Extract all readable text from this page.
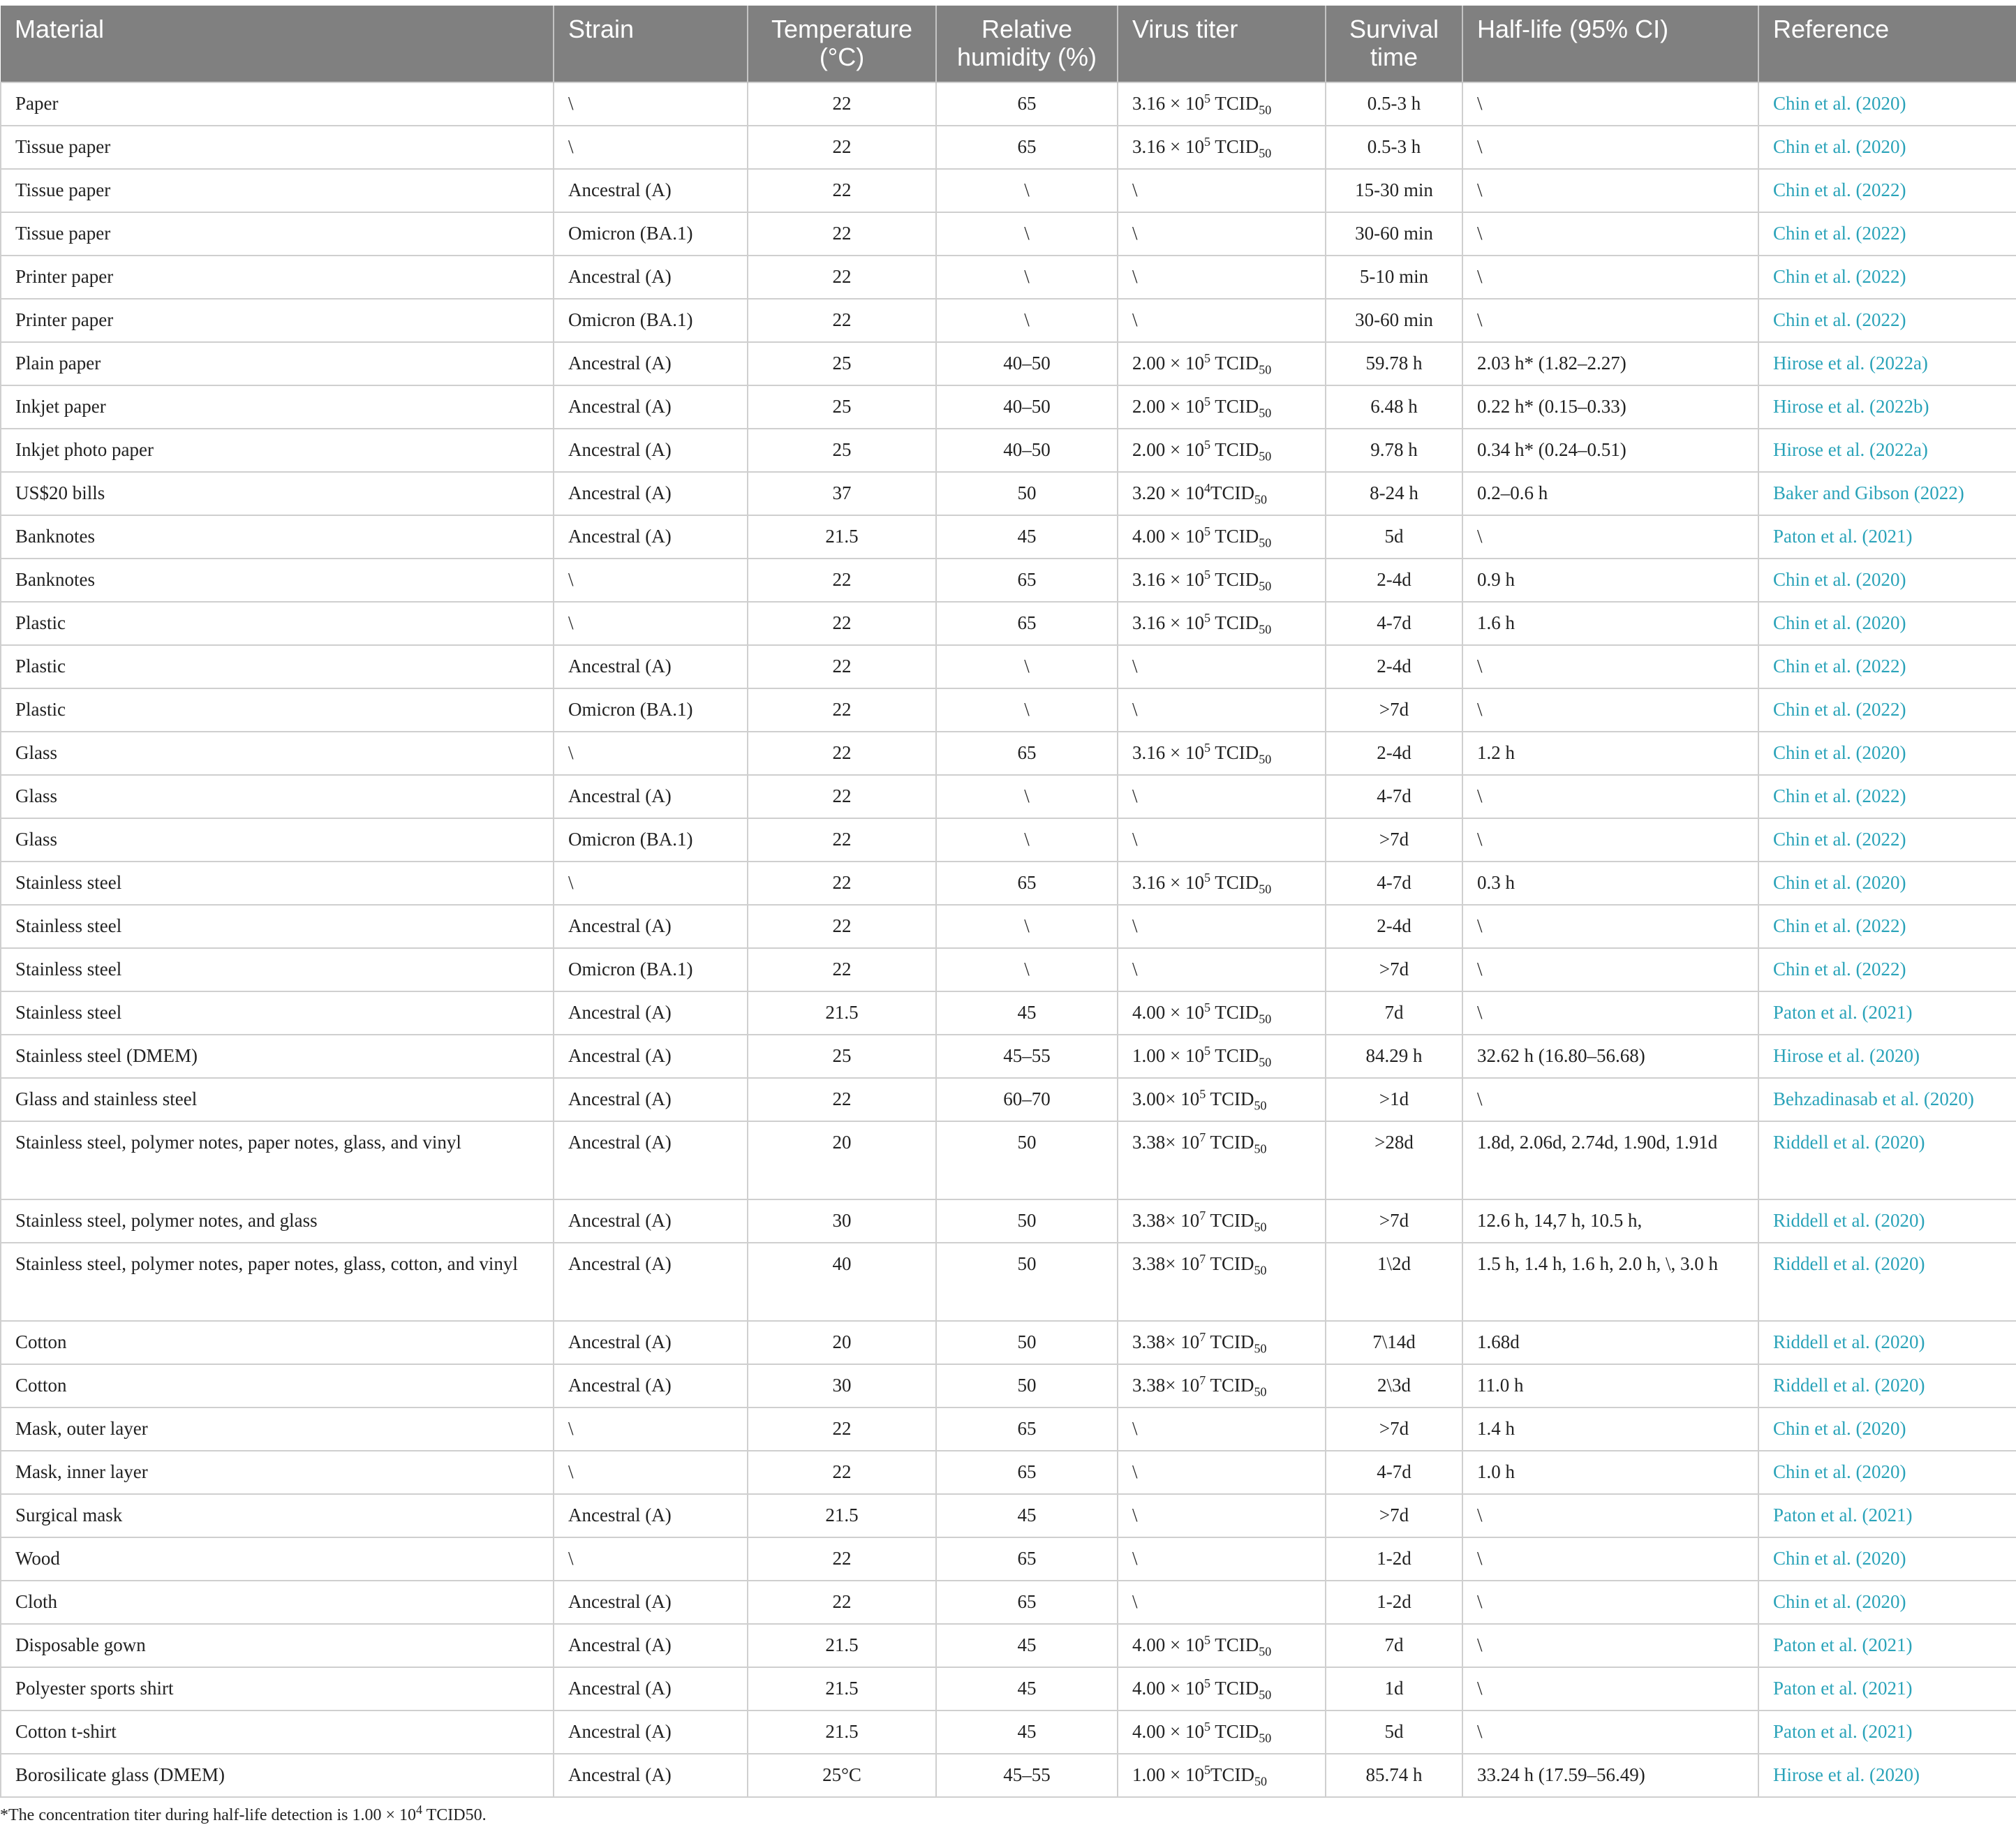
Material	Strain	Temperature (°C)	Relative humidity (%)	Virus titer	Survival time	Half-life (95% CI)	Reference
Paper	\	22	65	$3.16 \times 10^5$ $TCID_{50}$	0.5-3 h	\	Chin et al. (2020)
Tissue paper	\	22	65	$3.16 \times 10^5$ $TCID_{50}$	0.5-3 h	\	Chin et al. (2020)
Tissue paper	Ancestral (A)	22	\	\	15-30 min	\	Chin et al. (2022)
Tissue paper	Omicron (BA.1)	22	\	\	30-60 min	\	Chin et al. (2022)
Printer paper	Ancestral (A)	22	\	\	5-10 min	\	Chin et al. (2022)
Printer paper	Omicron (BA.1)	22	\	\	30-60 min	\	Chin et al. (2022)
Plain paper	Ancestral (A)	25	40–50	$2.00 \times 10^5$ $TCID_{50}$	59.78 h	2.03 h* (1.82–2.27)	Hirose et al. (2022a)
Inkjet paper	Ancestral (A)	25	40–50	$2.00 \times 10^5$ $TCID_{50}$	6.48 h	0.22 h* (0.15–0.33)	Hirose et al. (2022b)
Inkjet photo paper	Ancestral (A)	25	40–50	$2.00 \times 10^5$ $TCID_{50}$	9.78 h	0.34 h* (0.24–0.51)	Hirose et al. (2022a)
US$20 bills	Ancestral (A)	37	50	$3.20 \times 10^4TCID_{50}$	8-24 h	0.2–0.6 h	Baker and Gibson (2022)
Banknotes	Ancestral (A)	21.5	45	$4.00 \times 10^5$ $TCID_{50}$	5d	\	Paton et al. (2021)
Banknotes	\	22	65	$3.16 \times 10^5$ $TCID_{50}$	2-4d	0.9 h	Chin et al. (2020)
Plastic	\	22	65	$3.16 \times 10^5$ $TCID_{50}$	4-7d	1.6 h	Chin et al. (2020)
Plastic	Ancestral (A)	22	\	\	2-4d	\	Chin et al. (2022)
Plastic	Omicron (BA.1)	22	\	\	>7d	\	Chin et al. (2022)
Glass	\	22	65	$3.16 \times 10^5$ $TCID_{50}$	2-4d	1.2 h	Chin et al. (2020)
Glass	Ancestral (A)	22	\	\	4-7d	\	Chin et al. (2022)
Glass	Omicron (BA.1)	22	\	\	>7d	\	Chin et al. (2022)
Stainless steel	\	22	65	$3.16 \times 10^5$ $TCID_{50}$	4-7d	0.3 h	Chin et al. (2020)
Stainless steel	Ancestral (A)	22	\	\	2-4d	\	Chin et al. (2022)
Stainless steel	Omicron (BA.1)	22	\	\	>7d	\	Chin et al. (2022)
Stainless steel	Ancestral (A)	21.5	45	$4.00 \times 10^5$ $TCID_{50}$	7d	\	Paton et al. (2021)
Stainless steel (DMEM)	Ancestral (A)	25	45–55	$1.00 \times 10^5$ $TCID_{50}$	84.29 h	32.62 h (16.80–56.68)	Hirose et al. (2020)
Glass and stainless steel	Ancestral (A)	22	60–70	$3.00\times 10^5$ $TCID_{50}$	>1d	\	Behzadinasab et al. (2020)
Stainless steel, polymer notes, paper notes, glass, and vinyl	Ancestral (A)	20	50	$3.38\times 10^7$ $TCID_{50}$	>28d	1.8d, 2.06d, 2.74d, 1.90d, 1.91d	Riddell et al. (2020)
Stainless steel, polymer notes, and glass	Ancestral (A)	30	50	$3.38\times 10^7$ $TCID_{50}$	>7d	12.6 h, 14,7 h, 10.5 h,	Riddell et al. (2020)
Stainless steel, polymer notes, paper notes, glass, cotton, and vinyl	Ancestral (A)	40	50	$3.38\times 10^7$ $TCID_{50}$	1\2d	1.5 h, 1.4 h, 1.6 h, 2.0 h, \, 3.0 h	Riddell et al. (2020)
Cotton	Ancestral (A)	20	50	$3.38\times 10^7$ $TCID_{50}$	7\14d	1.68d	Riddell et al. (2020)
Cotton	Ancestral (A)	30	50	$3.38\times 10^7$ $TCID_{50}$	2\3d	11.0 h	Riddell et al. (2020)
Mask, outer layer	\	22	65	\	>7d	1.4 h	Chin et al. (2020)
Mask, inner layer	\	22	65	\	4-7d	1.0 h	Chin et al. (2020)
Surgical mask	Ancestral (A)	21.5	45	\	>7d	\	Paton et al. (2021)
Wood	\	22	65	\	1-2d	\	Chin et al. (2020)
Cloth	Ancestral (A)	22	65	\	1-2d	\	Chin et al. (2020)
Disposable gown	Ancestral (A)	21.5	45	$4.00 \times 10^5$ $TCID_{50}$	7d	\	Paton et al. (2021)
Polyester sports shirt	Ancestral (A)	21.5	45	$4.00 \times 10^5$ $TCID_{50}$	1d	\	Paton et al. (2021)
Cotton t-shirt	Ancestral (A)	21.5	45	$4.00 \times 10^5$ $TCID_{50}$	5d	\	Paton et al. (2021)
Borosilicate glass (DMEM)	Ancestral (A)	25°C	45–55	$1.00 \times 10^5TCID_{50}$	85.74 h	33.24 h (17.59–56.49)	Hirose et al. (2020)
*The concentration titer during half-life detection is $1.00 \times 10^4$ TCID50.
